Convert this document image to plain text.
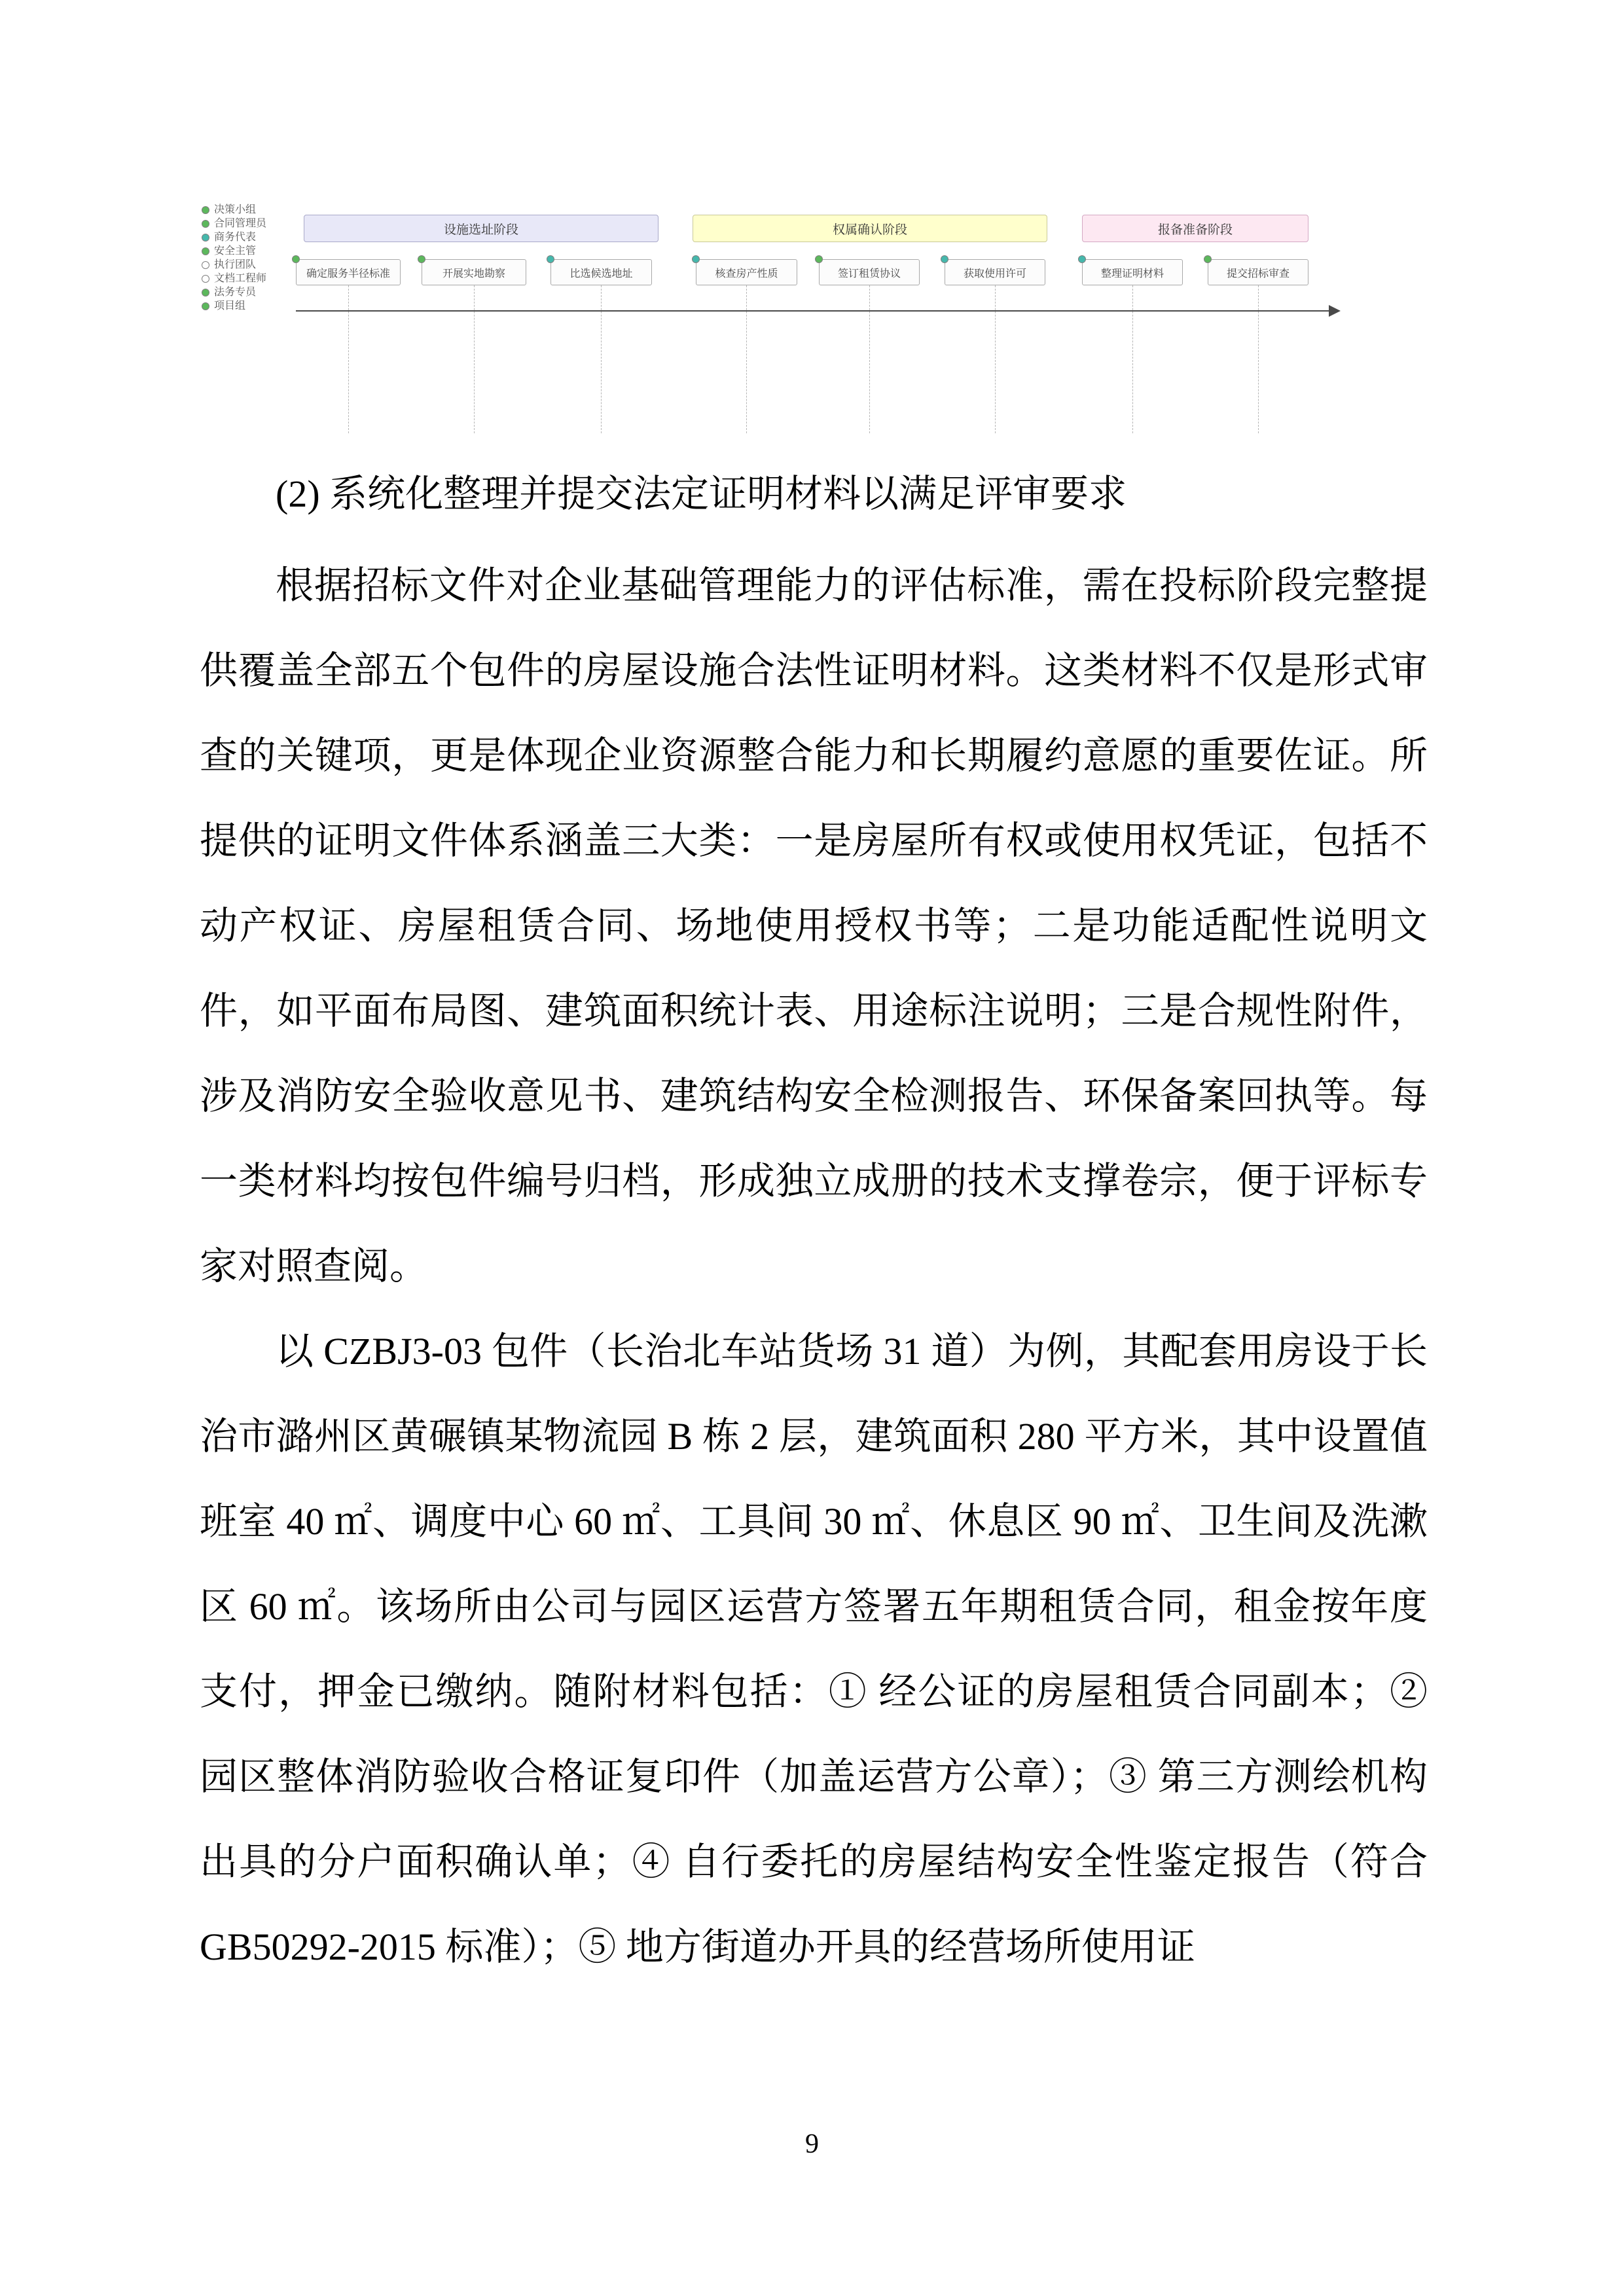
决策小组
合同管理员
商务代表
安全主管
执行团队
文档工程师
法务专员
项目组
设施选址阶段	权属确认阶段	报备准备阶段
确定服务半径标准	开展实地勘察	比选候选地址	核查房产性质	签订租赁协议	获取使用许可	整理证明材料	提交招标审查

(2) 系统化整理并提交法定证明材料以满足评审要求

根据招标文件对企业基础管理能力的评估标准，需在投标阶段完整提供覆盖全部五个包件的房屋设施合法性证明材料。这类材料不仅是形式审查的关键项，更是体现企业资源整合能力和长期履约意愿的重要佐证。所提供的证明文件体系涵盖三大类：一是房屋所有权或使用权凭证，包括不动产权证、房屋租赁合同、场地使用授权书等；二是功能适配性说明文件，如平面布局图、建筑面积统计表、用途标注说明；三是合规性附件，涉及消防安全验收意见书、建筑结构安全检测报告、环保备案回执等。每一类材料均按包件编号归档，形成独立成册的技术支撑卷宗，便于评标专家对照查阅。

以 CZBJ3-03 包件（长治北车站货场 31 道）为例，其配套用房设于长治市潞州区黄碾镇某物流园 B 栋 2 层，建筑面积 280 平方米，其中设置值班室 40 ㎡、调度中心 60 ㎡、工具间 30 ㎡、休息区 90 ㎡、卫生间及洗漱区 60 ㎡。该场所由公司与园区运营方签署五年期租赁合同，租金按年度支付，押金已缴纳。随附材料包括：① 经公证的房屋租赁合同副本；② 园区整体消防验收合格证复印件（加盖运营方公章）；③ 第三方测绘机构出具的分户面积确认单；④ 自行委托的房屋结构安全性鉴定报告（符合 GB50292-2015 标准）；⑤ 地方街道办开具的经营场所使用证

9
